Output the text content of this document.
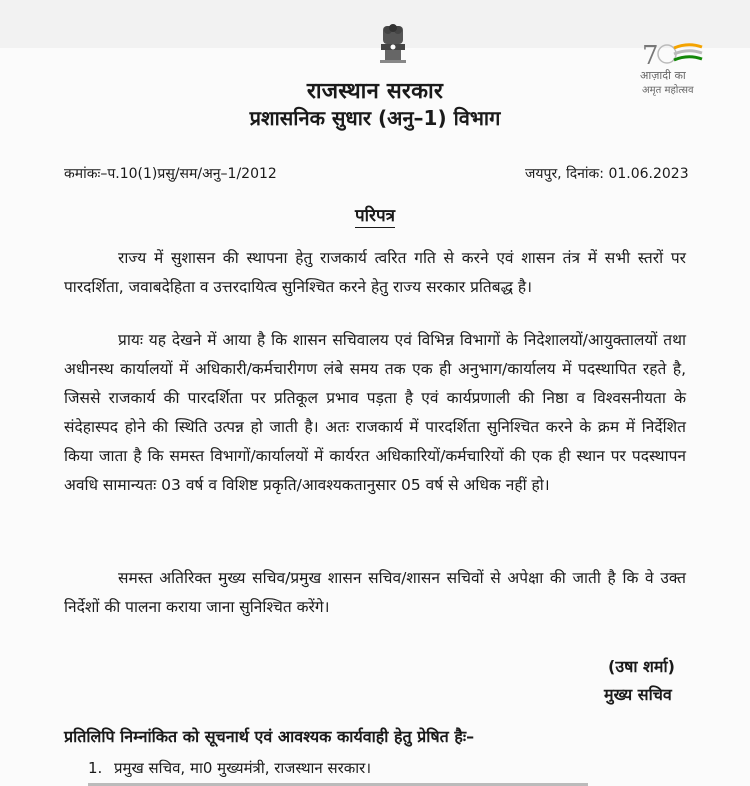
7
आज़ादी का
अमृत महोत्सव
राजस्थान सरकार
प्रशासनिक सुधार (अनु–1) विभाग
कमांकः–प.10(1)प्रसु/सम/अनु–1/2012	जयपुर, दिनांक: 01.06.2023
परिपत्र
राज्य में सुशासन की स्थापना हेतु राजकार्य त्वरित गति से करने एवं शासन तंत्र में सभी स्तरों पर पारदर्शिता, जवाबदेहिता व उत्तरदायित्व सुनिश्चित करने हेतु राज्य सरकार प्रतिबद्ध है।
प्रायः यह देखने में आया है कि शासन सचिवालय एवं विभिन्न विभागों के निदेशालयों/आयुक्तालयों तथा अधीनस्थ कार्यालयों में अधिकारी/कर्मचारीगण लंबे समय तक एक ही अनुभाग/कार्यालय में पदस्थापित रहते है, जिससे राजकार्य की पारदर्शिता पर प्रतिकूल प्रभाव पड़ता है एवं कार्यप्रणाली की निष्ठा व विश्वसनीयता के संदेहास्पद होने की स्थिति उत्पन्न हो जाती है। अतः राजकार्य में पारदर्शिता सुनिश्चित करने के क्रम में निर्देशित किया जाता है कि समस्त विभागों/कार्यालयों में कार्यरत अधिकारियों/कर्मचारियों की एक ही स्थान पर पदस्थापन अवधि सामान्यतः 03 वर्ष व विशिष्ट प्रकृति/आवश्यकतानुसार 05 वर्ष से अधिक नहीं हो।
समस्त अतिरिक्त मुख्य सचिव/प्रमुख शासन सचिव/शासन सचिवों से अपेक्षा की जाती है कि वे उक्त निर्देशों की पालना कराया जाना सुनिश्चित करेंगे।
(उषा शर्मा)
मुख्य सचिव
प्रतिलिपि निम्नांकित को सूचनार्थ एवं आवश्यक कार्यवाही हेतु प्रेषित हैः–
1. प्रमुख सचिव, मा0 मुख्यमंत्री, राजस्थान सरकार।
